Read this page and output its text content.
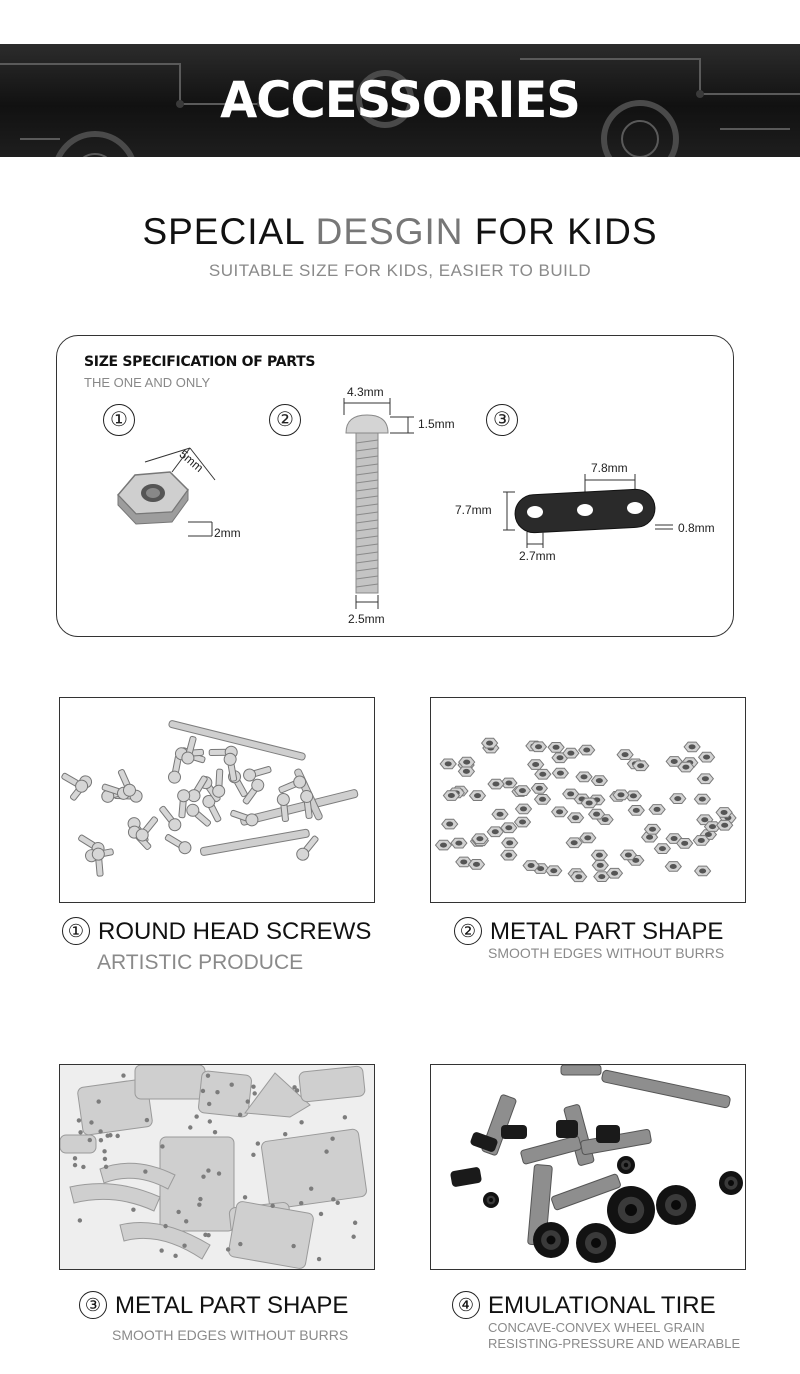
ACCESSORIES
SPECIAL DESGIN FOR KIDS
SUITABLE SIZE FOR KIDS, EASIER TO BUILD
SIZE SPECIFICATION OF PARTS
THE ONE AND ONLY
①	②	③
5mm
2mm
4.3mm
1.5mm
2.5mm
7.8mm
7.7mm
2.7mm
0.8mm
① ROUND HEAD SCREWS
ARTISTIC PRODUCE
② METAL PART SHAPE
SMOOTH EDGES WITHOUT BURRS
③ METAL PART SHAPE
SMOOTH EDGES WITHOUT BURRS
④ EMULATIONAL TIRE
CONCAVE-CONVEX WHEEL GRAIN
RESISTING-PRESSURE AND WEARABLE
